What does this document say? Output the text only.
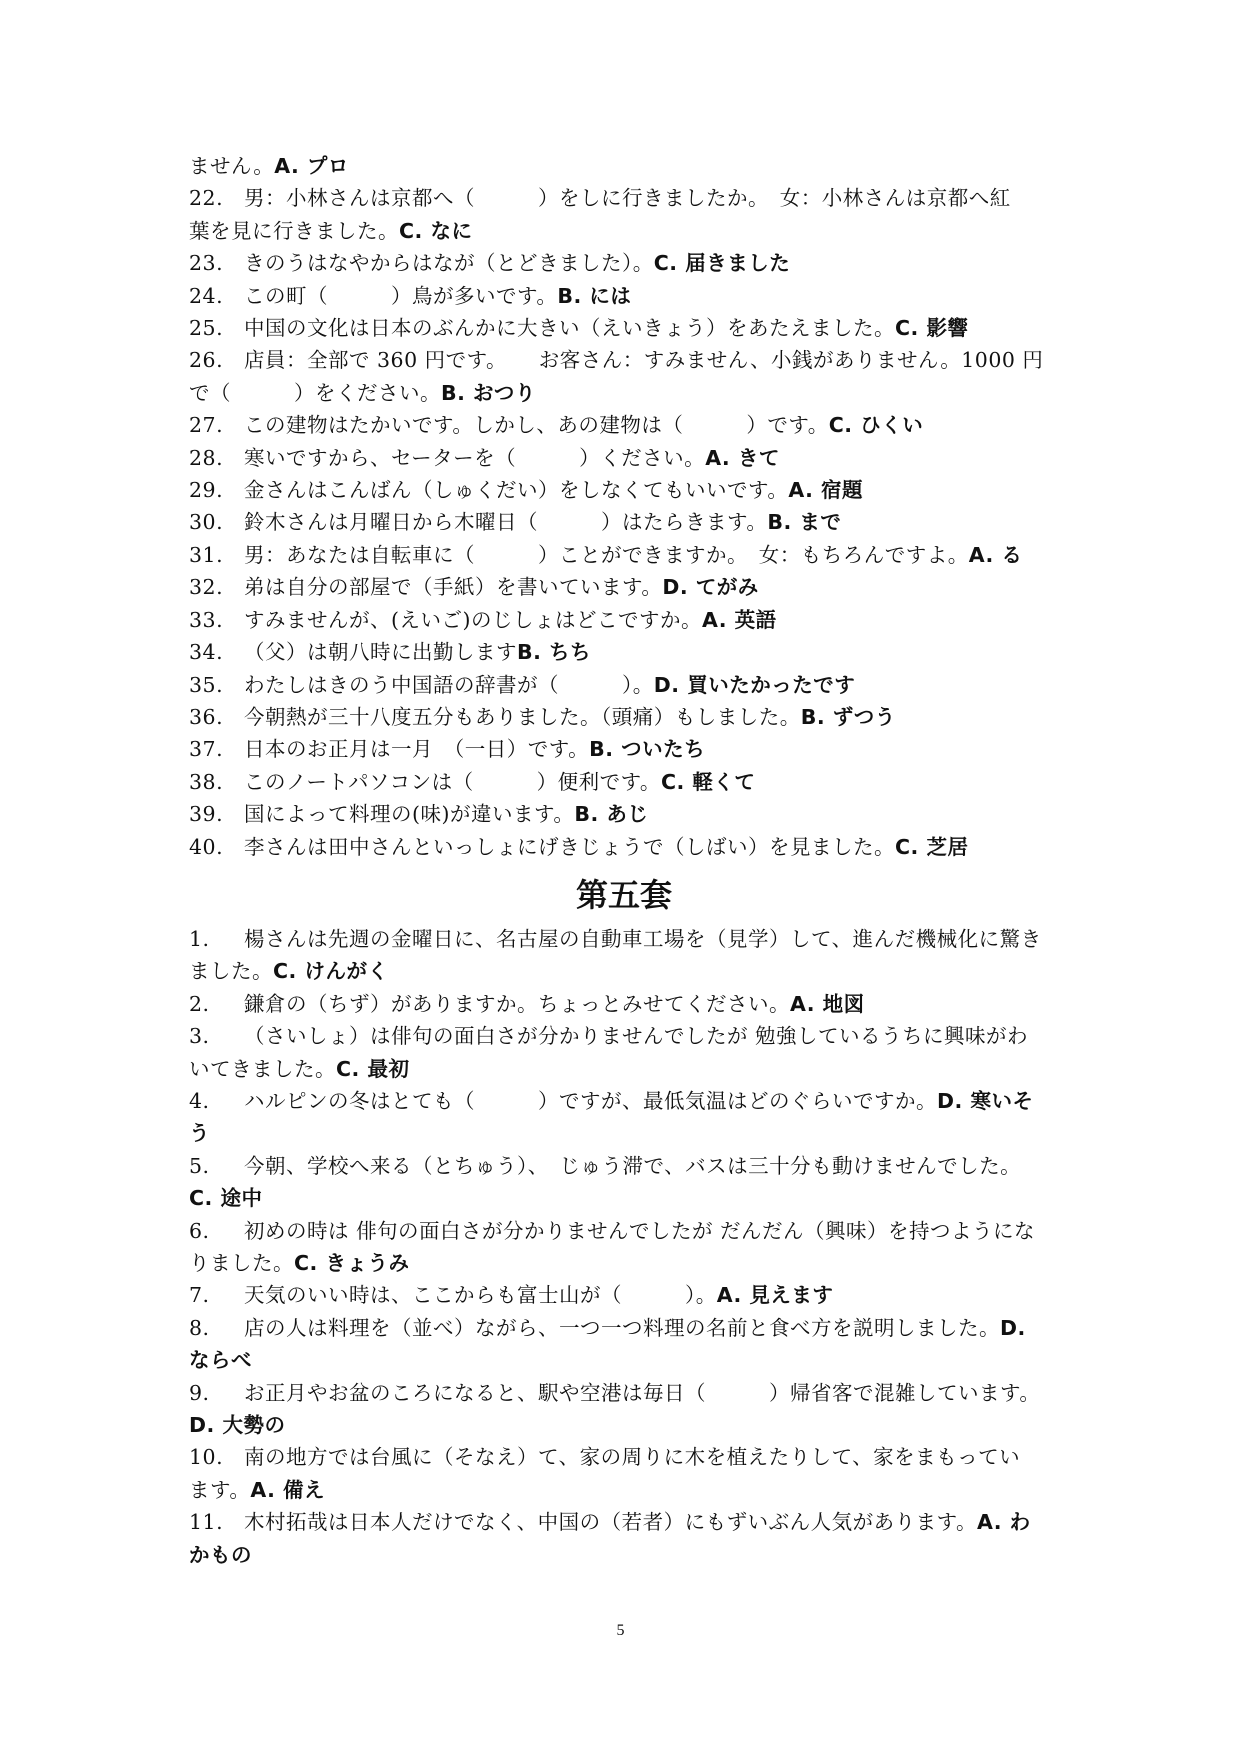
ません。A. プロ
22. 男：小林さんは京都へ（　　　）をしに行きましたか。　女：小林さんは京都へ紅
葉を見に行きました。C. なに
23. きのうはなやからはなが（とどきました）。C. 届きました
24. この町（　　　）鳥が多いです。B. には
25. 中国の文化は日本のぶんかに大きい（えいきょう）をあたえました。C. 影響
26. 店員：全部で 360 円です。　　お客さん：すみません、小銭がありません。1000 円
で（　　　）をください。B. おつり
27. この建物はたかいです。しかし、あの建物は（　　　）です。C. ひくい
28. 寒いですから、セーターを（　　　）ください。A. きて
29. 金さんはこんばん（しゅくだい）をしなくてもいいです。A. 宿題
30. 鈴木さんは月曜日から木曜日（　　　）はたらきます。B. まで
31. 男：あなたは自転車に（　　　）ことができますか。　女：もちろんですよ。A. る
32. 弟は自分の部屋で（手紙）を書いています。D. てがみ
33. すみませんが、(えいご)のじしょはどこですか。A. 英語
34. （父）は朝八時に出勤しますB. ちち
35. わたしはきのう中国語の辞書が（　　　）。D. 買いたかったです
36. 今朝熱が三十八度五分もありました。（頭痛）もしました。B. ずつう
37. 日本のお正月は一月　（一日）です。B. ついたち
38. このノートパソコンは（　　　）便利です。C. 軽くて
39. 国によって料理の(味)が違います。B. あじ
40. 李さんは田中さんといっしょにげきじょうで（しばい）を見ました。C. 芝居
第五套
1. 楊さんは先週の金曜日に、名古屋の自動車工場を（見学）して、進んだ機械化に驚き
ました。C. けんがく
2. 鎌倉の（ちず）がありますか。ちょっとみせてください。A. 地図
3. （さいしょ）は俳句の面白さが分かりませんでしたが 勉強しているうちに興味がわ
いてきました。C. 最初
4. ハルピンの冬はとても（　　　）ですが、最低気温はどのぐらいですか。D. 寒いそ
う
5. 今朝、学校へ来る（とちゅう）、　じゅう滞で、バスは三十分も動けませんでした。
C. 途中
6. 初めの時は 俳句の面白さが分かりませんでしたが だんだん（興味）を持つようにな
りました。C. きょうみ
7. 天気のいい時は、ここからも富士山が（　　　）。A. 見えます
8. 店の人は料理を（並べ）ながら、一つ一つ料理の名前と食べ方を説明しました。D.
ならべ
9. お正月やお盆のころになると、駅や空港は毎日（　　　）帰省客で混雑しています。
D. 大勢の
10. 南の地方では台風に（そなえ）て、家の周りに木を植えたりして、家をまもってい
ます。A. 備え
11. 木村拓哉は日本人だけでなく、中国の（若者）にもずいぶん人気があります。A. わ
かもの
5
